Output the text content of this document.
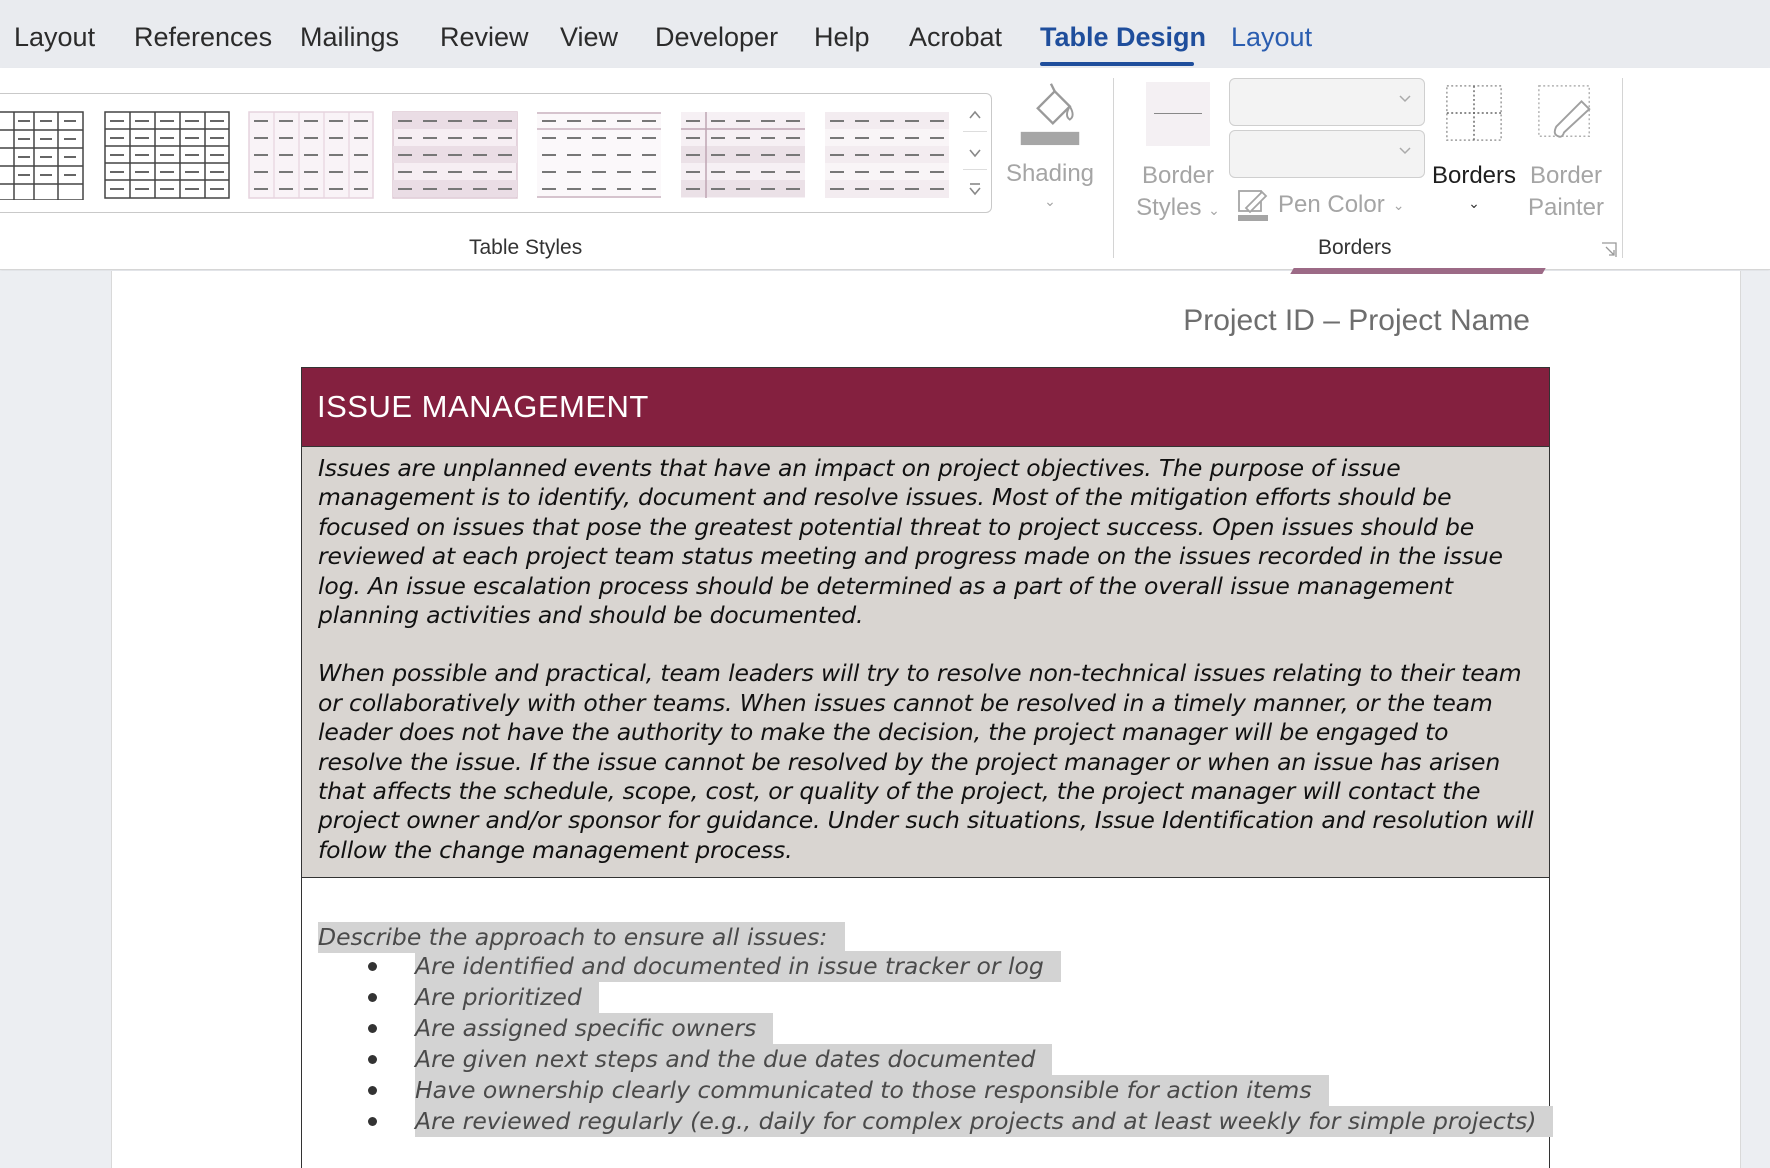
Layout References Mailings Review View Developer Help Acrobat Table Design Layout
Table Styles
Shading
⌄
Border
Styles ⌄ Pen Color ⌄
Borders
⌄
Border
Painter
Borders
Project ID – Project Name
ISSUE MANAGEMENT

Issues are unplanned events that have an impact on project objectives. The purpose of issue management is to identify, document and resolve issues. Most of the mitigation efforts should be focused on issues that pose the greatest potential threat to project success. Open issues should be reviewed at each project team status meeting and progress made on the issues recorded in the issue log. An issue escalation process should be determined as a part of the overall issue management planning activities and should be documented.

When possible and practical, team leaders will try to resolve non-technical issues relating to their team or collaboratively with other teams. When issues cannot be resolved in a timely manner, or the team leader does not have the authority to make the decision, the project manager will be engaged to resolve the issue. If the issue cannot be resolved by the project manager or when an issue has arisen that affects the schedule, scope, cost, or quality of the project, the project manager will contact the project owner and/or sponsor for guidance. Under such situations, Issue Identification and resolution will follow the change management process.

Describe the approach to ensure all issues:
Are identified and documented in issue tracker or log
Are prioritized
Are assigned specific owners
Are given next steps and the due dates documented
Have ownership clearly communicated to those responsible for action items
Are reviewed regularly (e.g., daily for complex projects and at least weekly for simple projects)
